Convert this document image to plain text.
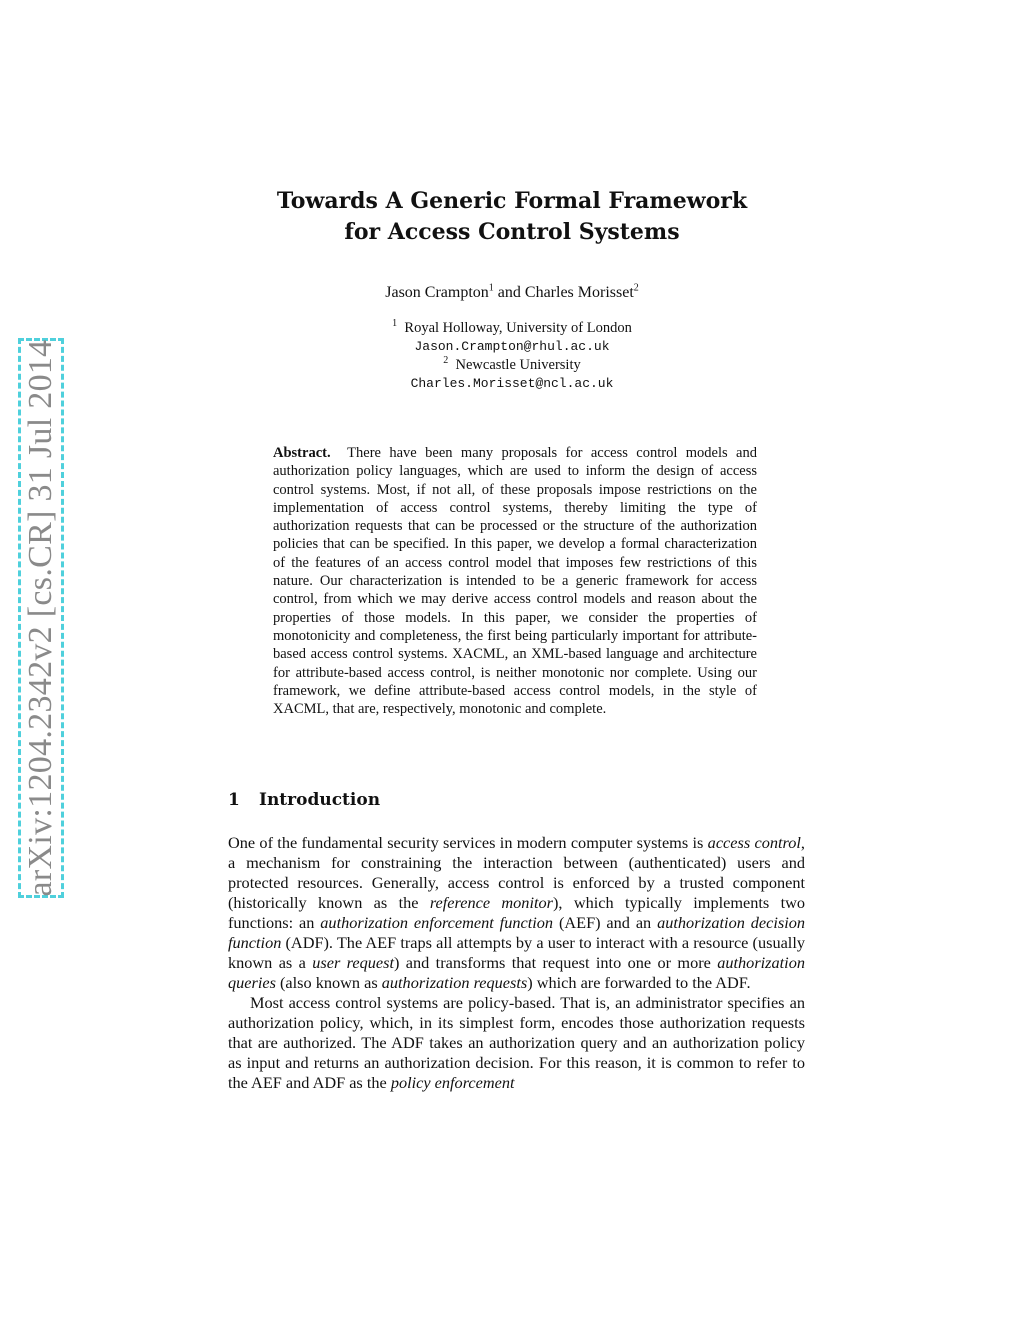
arXiv:1204.2342v2 [cs.CR] 31 Jul 2014
Towards A Generic Formal Framework
for Access Control Systems
Jason Crampton$^1$ and Charles Morisset$^2$
$^1$ Royal Holloway, University of London
Jason.Crampton@rhul.ac.uk
$^2$ Newcastle University
Charles.Morisset@ncl.ac.uk
Abstract. There have been many proposals for access control models and authorization policy languages, which are used to inform the design of access control systems. Most, if not all, of these proposals impose restrictions on the implementation of access control systems, thereby limiting the type of authorization requests that can be processed or the structure of the authorization policies that can be specified. In this paper, we develop a formal characterization of the features of an access control model that imposes few restrictions of this nature. Our characterization is intended to be a generic framework for access control, from which we may derive access control models and reason about the properties of those models. In this paper, we consider the properties of monotonicity and completeness, the first being particularly important for attribute-based access control systems. XACML, an XML-based language and architecture for attribute-based access control, is neither monotonic nor complete. Using our framework, we define attribute-based access control models, in the style of XACML, that are, respectively, monotonic and complete.
1 Introduction

One of the fundamental security services in modern computer systems is access control, a mechanism for constraining the interaction between (authenticated) users and protected resources. Generally, access control is enforced by a trusted component (historically known as the reference monitor), which typically implements two functions: an authorization enforcement function (AEF) and an authorization decision function (ADF). The AEF traps all attempts by a user to interact with a resource (usually known as a user request) and transforms that request into one or more authorization queries (also known as authorization requests) which are forwarded to the ADF.

Most access control systems are policy-based. That is, an administrator specifies an authorization policy, which, in its simplest form, encodes those authorization requests that are authorized. The ADF takes an authorization query and an authorization policy as input and returns an authorization decision. For this reason, it is common to refer to the AEF and ADF as the policy enforcement
